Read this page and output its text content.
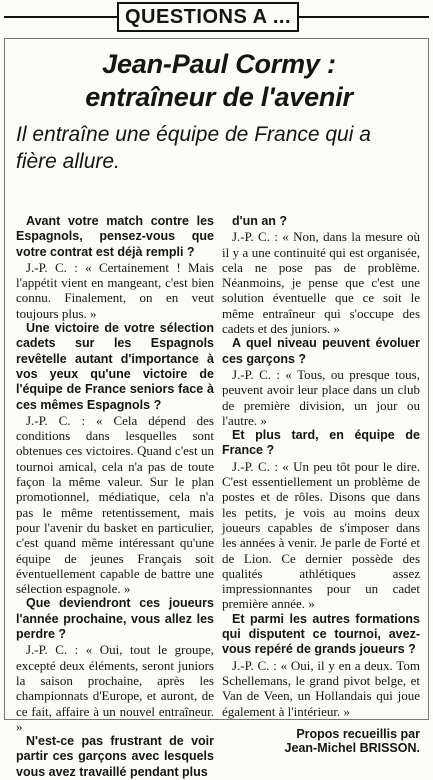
QUESTIONS A ...
Jean-Paul Cormy :
entraîneur de l'avenir
Il entraîne une équipe de France qui a
fière allure.

Avant votre match contre les Espagnols, pensez-vous que votre contrat est déjà rempli ?

J.-P. C. : « Certainement ! Mais l'appétit vient en mangeant, c'est bien connu. Finalement, on en veut toujours plus. »

Une victoire de votre sélection cadets sur les Espagnols revêtelle autant d'importance à vos yeux qu'une victoire de l'équipe de France seniors face à ces mêmes Espagnols ?

J.-P. C. : « Cela dépend des conditions dans lesquelles sont obtenues ces victoires. Quand c'est un tournoi amical, cela n'a pas de toute façon la même valeur. Sur le plan promotionnel, médiatique, cela n'a pas le même retentissement, mais pour l'avenir du basket en particulier, c'est quand même intéressant qu'une équipe de jeunes Français soit éventuellement capable de battre une sélection espagnole. »

Que deviendront ces joueurs l'année prochaine, vous allez les perdre ?

J.-P. C. : « Oui, tout le groupe, excepté deux éléments, seront juniors la saison prochaine, après les championnats d'Europe, et auront, de ce fait, affaire à un nouvel entraîneur. »

N'est-ce pas frustrant de voir partir ces garçons avec lesquels vous avez travaillé pendant plus

d'un an ?

J.-P. C. : « Non, dans la mesure où il y a une continuité qui est organisée, cela ne pose pas de problème. Néanmoins, je pense que c'est une solution éventuelle que ce soit le même entraîneur qui s'occupe des cadets et des juniors. »

A quel niveau peuvent évoluer ces garçons ?

J.-P. C. : « Tous, ou presque tous, peuvent avoir leur place dans un club de première division, un jour ou l'autre. »

Et plus tard, en équipe de France ?

J.-P. C. : « Un peu tôt pour le dire. C'est essentiellement un problème de postes et de rôles. Disons que dans les petits, je vois au moins deux joueurs capables de s'imposer dans les années à venir. Je parle de Forté et de Lion. Ce dernier possède des qualités athlétiques assez impressionnantes pour un cadet première année. »

Et parmi les autres formations qui disputent ce tournoi, avez-vous repéré de grands joueurs ?

J.-P. C. : « Oui, il y en a deux. Tom Schellemans, le grand pivot belge, et Van de Veen, un Hollandais qui joue également à l'intérieur. »

Propos recueillis par
Jean-Michel BRISSON.
